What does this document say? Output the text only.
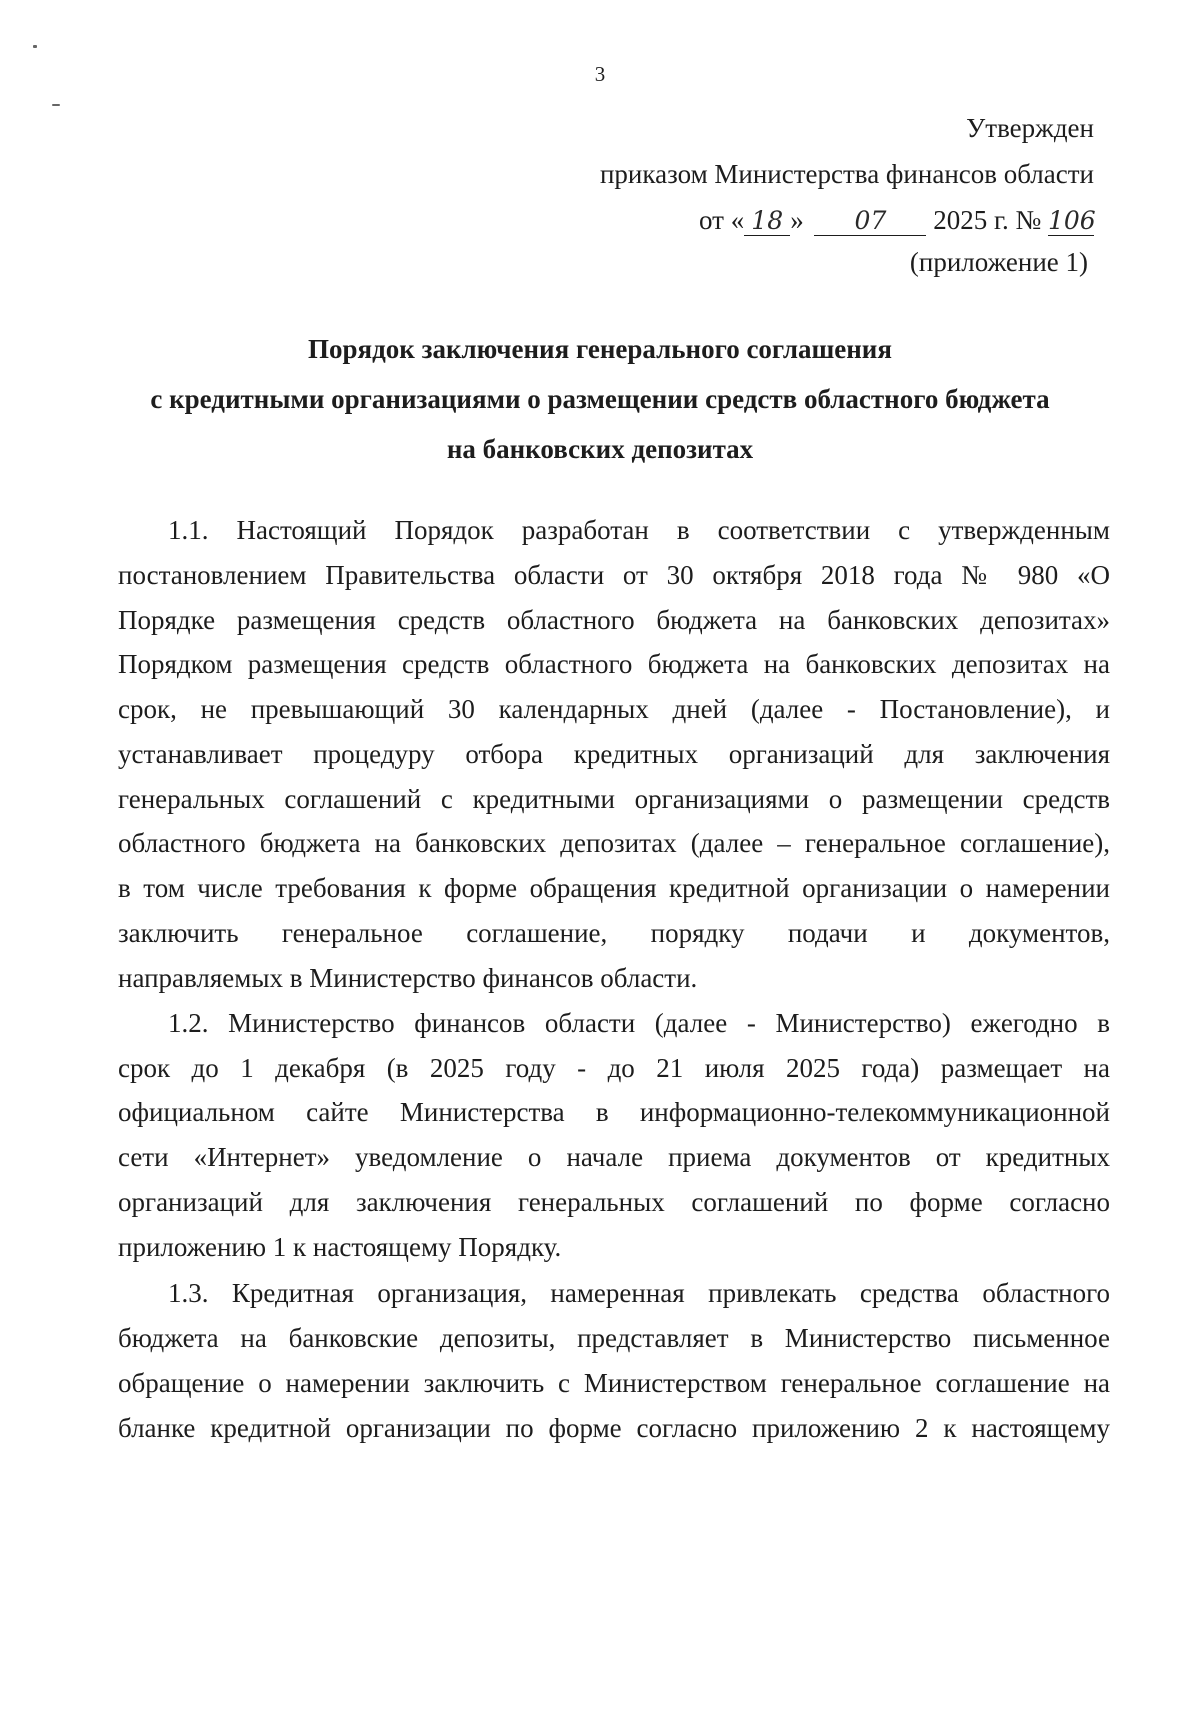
3
Утвержден
приказом Министерства финансов области
от « 18 » 07 2025 г. № 106
(приложение 1)
Порядок заключения генерального соглашения
с кредитными организациями о размещении средств областного бюджета
на банковских депозитах
1.1. Настоящий Порядок разработан в соответствии с утвержденным
постановлением Правительства области от 30 октября 2018 года № 980 «О
Порядке размещения средств областного бюджета на банковских депозитах»
Порядком размещения средств областного бюджета на банковских депозитах на
срок, не превышающий 30 календарных дней (далее - Постановление), и
устанавливает процедуру отбора кредитных организаций для заключения
генеральных соглашений с кредитными организациями о размещении средств
областного бюджета на банковских депозитах (далее – генеральное соглашение),
в том числе требования к форме обращения кредитной организации о намерении
заключить генеральное соглашение, порядку подачи и документов,
направляемых в Министерство финансов области.
1.2. Министерство финансов области (далее - Министерство) ежегодно в
срок до 1 декабря (в 2025 году - до 21 июля 2025 года) размещает на
официальном сайте Министерства в информационно-телекоммуникационной
сети «Интернет» уведомление о начале приема документов от кредитных
организаций для заключения генеральных соглашений по форме согласно
приложению 1 к настоящему Порядку.
1.3. Кредитная организация, намеренная привлекать средства областного
бюджета на банковские депозиты, представляет в Министерство письменное
обращение о намерении заключить с Министерством генеральное соглашение на
бланке кредитной организации по форме согласно приложению 2 к настоящему
